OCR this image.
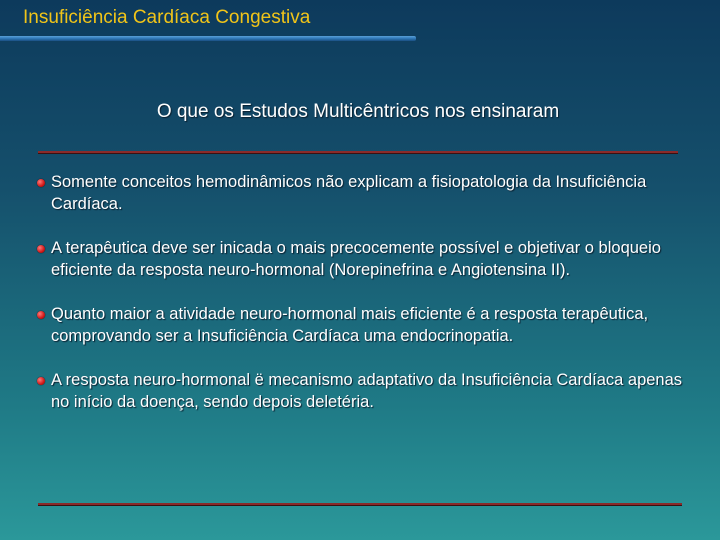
Insuficiência Cardíaca Congestiva
O que os Estudos Multicêntricos nos ensinaram
Somente conceitos hemodinâmicos não explicam a fisiopatologia da Insuficiência Cardíaca.
A terapêutica deve ser inicada o mais precocemente possível e objetivar o bloqueio eficiente da resposta neuro-hormonal (Norepinefrina e Angiotensina II).
Quanto maior a atividade neuro-hormonal mais eficiente é a resposta terapêutica, comprovando ser a Insuficiência Cardíaca uma endocrinopatia.
A resposta neuro-hormonal ë mecanismo adaptativo da Insuficiência Cardíaca apenas no início da doença, sendo depois deletéria.
